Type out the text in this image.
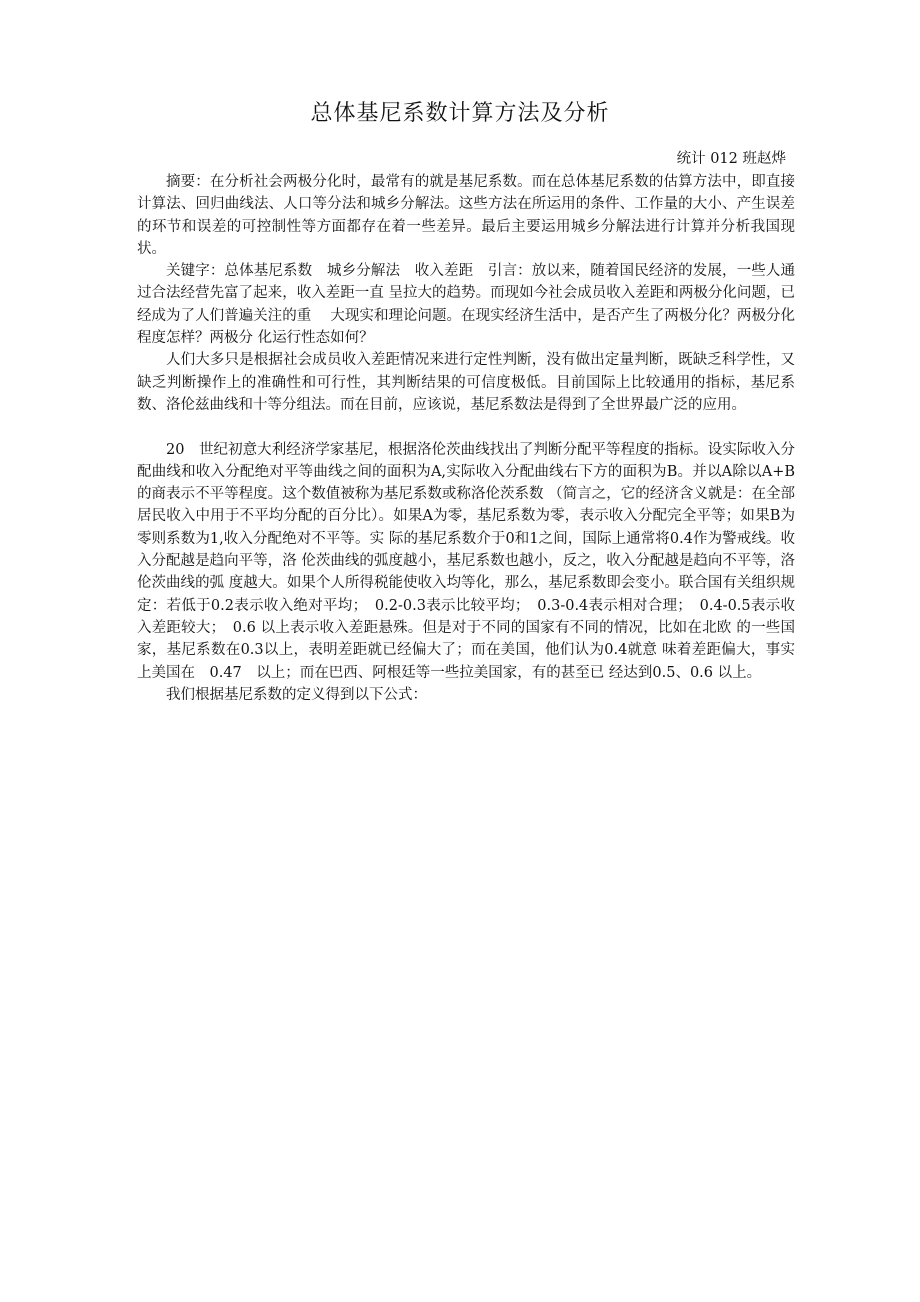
总体基尼系数计算方法及分析

统计 012 班赵烨

摘要：在分析社会两极分化时，最常有的就是基尼系数。而在总体基尼系数的估算方法中，即直接计算法、回归曲线法、人口等分法和城乡分解法。这些方法在所运用的条件、工作量的大小、产生误差的环节和误差的可控制性等方面都存在着一些差异。最后主要运用城乡分解法进行计算并分析我国现状。

关键字：总体基尼系数　城乡分解法　收入差距　引言：放以来，随着国民经济的发展，一些人通过合法经营先富了起来，收入差距一直 呈拉大的趋势。而现如今社会成员收入差距和两极分化问题，已经成为了人们普遍关注的重　 大现实和理论问题。在现实经济生活中，是否产生了两极分化？两极分化程度怎样？两极分 化运行性态如何？

人们大多只是根据社会成员收入差距情况来进行定性判断，没有做出定量判断，既缺乏科学性，又缺乏判断操作上的准确性和可行性，其判断结果的可信度极低。目前国际上比较通用的指标，基尼系数、洛伦兹曲线和十等分组法。而在目前，应该说，基尼系数法是得到了全世界最广泛的应用。

20　世纪初意大利经济学家基尼，根据洛伦茨曲线找出了判断分配平等程度的指标。设实际收入分配曲线和收入分配绝对平等曲线之间的面积为A,实际收入分配曲线右下方的面积为B。并以A除以A+B的商表示不平等程度。这个数值被称为基尼系数或称洛伦茨系数 （简言之，它的经济含义就是：在全部居民收入中用于不平均分配的百分比）。如果A为零，基尼系数为零，表示收入分配完全平等；如果B为零则系数为1,收入分配绝对不平等。实 际的基尼系数介于0和1之间，国际上通常将0.4作为警戒线。收入分配越是趋向平等，洛 伦茨曲线的弧度越小，基尼系数也越小，反之，收入分配越是趋向不平等，洛伦茨曲线的弧 度越大。如果个人所得税能使收入均等化，那么，基尼系数即会变小。联合国有关组织规定：若低于0.2表示收入绝对平均；　0.2-0.3表示比较平均；　0.3-0.4表示相对合理；　0.4-0.5表示收 入差距较大；　0.6 以上表示收入差距悬殊。但是对于不同的国家有不同的情况，比如在北欧 的一些国家，基尼系数在0.3以上，表明差距就已经偏大了；而在美国，他们认为0.4就意 味着差距偏大，事实上美国在　0.47　以上；而在巴西、阿根廷等一些拉美国家，有的甚至已 经达到0.5、0.6 以上。

我们根据基尼系数的定义得到以下公式：
